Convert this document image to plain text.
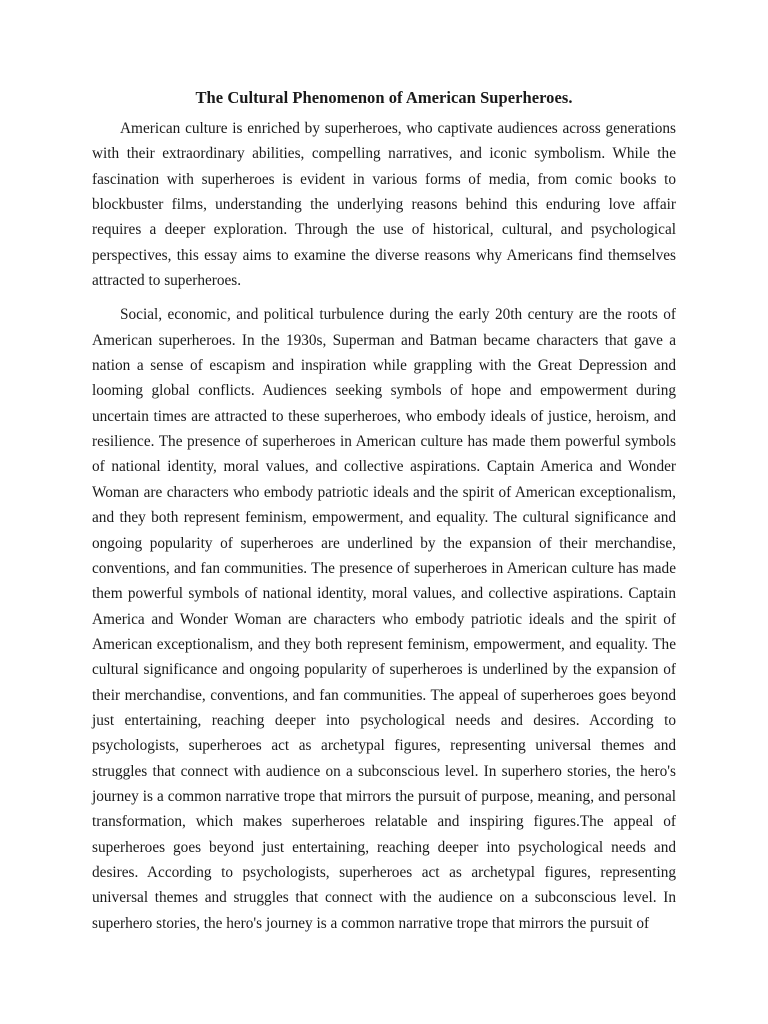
The Cultural Phenomenon of American Superheroes.

American culture is enriched by superheroes, who captivate audiences across generations with their extraordinary abilities, compelling narratives, and iconic symbolism. While the fascination with superheroes is evident in various forms of media, from comic books to blockbuster films, understanding the underlying reasons behind this enduring love affair requires a deeper exploration. Through the use of historical, cultural, and psychological perspectives, this essay aims to examine the diverse reasons why Americans find themselves attracted to superheroes.

Social, economic, and political turbulence during the early 20th century are the roots of American superheroes. In the 1930s, Superman and Batman became characters that gave a nation a sense of escapism and inspiration while grappling with the Great Depression and looming global conflicts. Audiences seeking symbols of hope and empowerment during uncertain times are attracted to these superheroes, who embody ideals of justice, heroism, and resilience. The presence of superheroes in American culture has made them powerful symbols of national identity, moral values, and collective aspirations. Captain America and Wonder Woman are characters who embody patriotic ideals and the spirit of American exceptionalism, and they both represent feminism, empowerment, and equality. The cultural significance and ongoing popularity of superheroes are underlined by the expansion of their merchandise, conventions, and fan communities. The presence of superheroes in American culture has made them powerful symbols of national identity, moral values, and collective aspirations. Captain America and Wonder Woman are characters who embody patriotic ideals and the spirit of American exceptionalism, and they both represent feminism, empowerment, and equality. The cultural significance and ongoing popularity of superheroes is underlined by the expansion of their merchandise, conventions, and fan communities. The appeal of superheroes goes beyond just entertaining, reaching deeper into psychological needs and desires. According to psychologists, superheroes act as archetypal figures, representing universal themes and struggles that connect with audience on a subconscious level. In superhero stories, the hero's journey is a common narrative trope that mirrors the pursuit of purpose, meaning, and personal transformation, which makes superheroes relatable and inspiring figures.The appeal of superheroes goes beyond just entertaining, reaching deeper into psychological needs and desires. According to psychologists, superheroes act as archetypal figures, representing universal themes and struggles that connect with the audience on a subconscious level. In superhero stories, the hero's journey is a common narrative trope that mirrors the pursuit of
